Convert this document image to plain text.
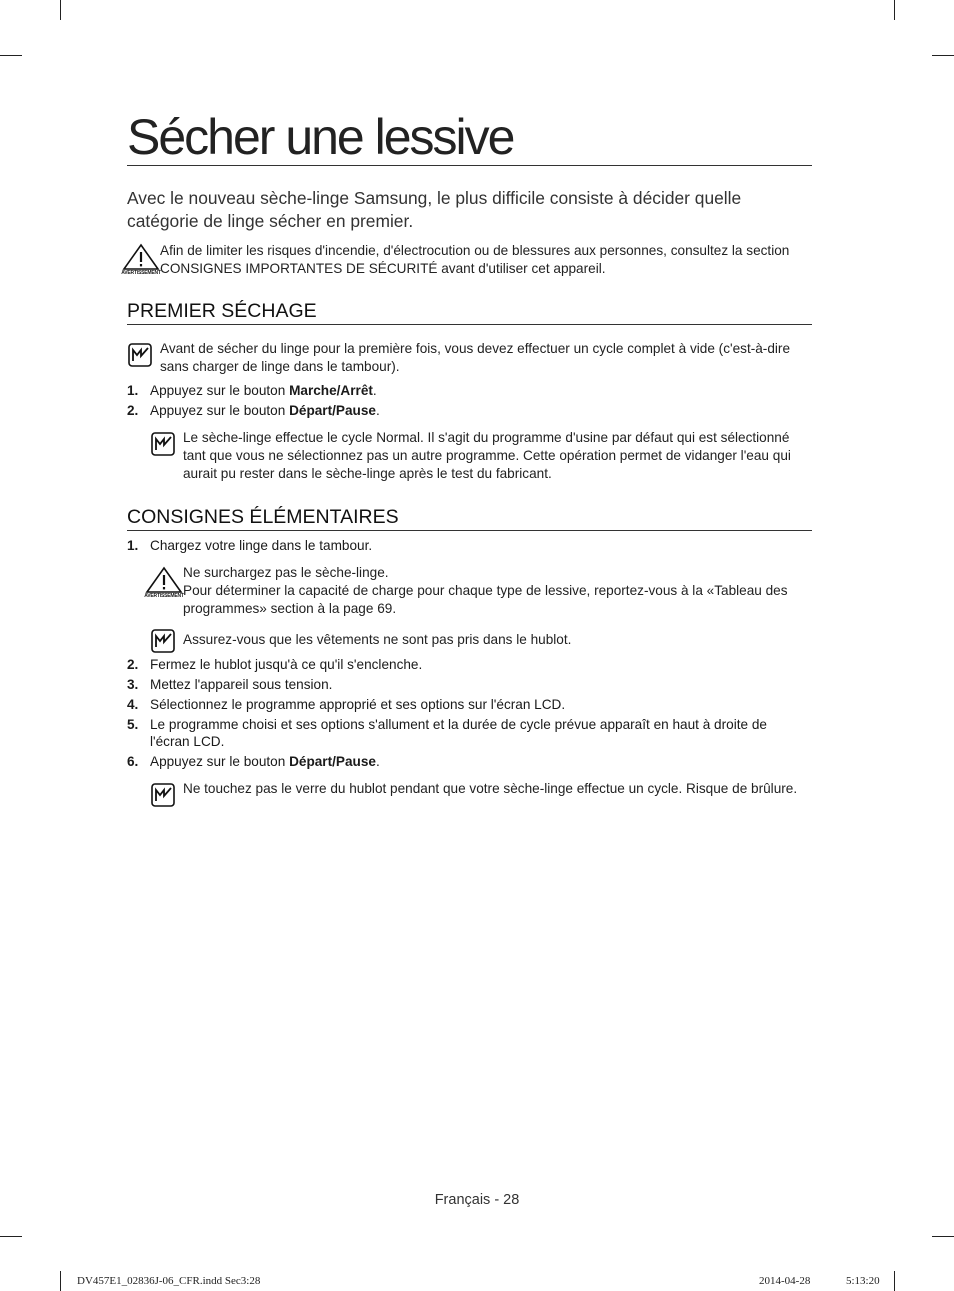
Sécher une lessive

Avec le nouveau sèche-linge Samsung, le plus difficile consiste à décider quelle catégorie de linge sécher en premier.

AVERTISSEMENT

Afin de limiter les risques d'incendie, d'électrocution ou de blessures aux personnes, consultez la section CONSIGNES IMPORTANTES DE SÉCURITÉ avant d'utiliser cet appareil.

PREMIER SÉCHAGE

Avant de sécher du linge pour la première fois, vous devez effectuer un cycle complet à vide (c'est-à-dire sans charger de linge dans le tambour).

1. Appuyez sur le bouton Marche/Arrêt.
2. Appuyez sur le bouton Départ/Pause.

Le sèche-linge effectue le cycle Normal. Il s'agit du programme d'usine par défaut qui est sélectionné tant que vous ne sélectionnez pas un autre programme. Cette opération permet de vidanger l'eau qui aurait pu rester dans le sèche-linge après le test du fabricant.

CONSIGNES ÉLÉMENTAIRES
1. Chargez votre linge dans le tambour.
AVERTISSEMENT

Ne surchargez pas le sèche-linge.

Pour déterminer la capacité de charge pour chaque type de lessive, reportez-vous à la «Tableau des programmes» section à la page 69.

Assurez-vous que les vêtements ne sont pas pris dans le hublot.

2. Fermez le hublot jusqu'à ce qu'il s'enclenche.
3. Mettez l'appareil sous tension.
4. Sélectionnez le programme approprié et ses options sur l'écran LCD.
5. Le programme choisi et ses options s'allument et la durée de cycle prévue apparaît en haut à droite de l'écran LCD.
6. Appuyez sur le bouton Départ/Pause.

Ne touchez pas le verre du hublot pendant que votre sèche-linge effectue un cycle. Risque de brûlure.

Français - 28

DV457E1_02836J-06_CFR.indd Sec3:28	2014-04-28	5:13:20
